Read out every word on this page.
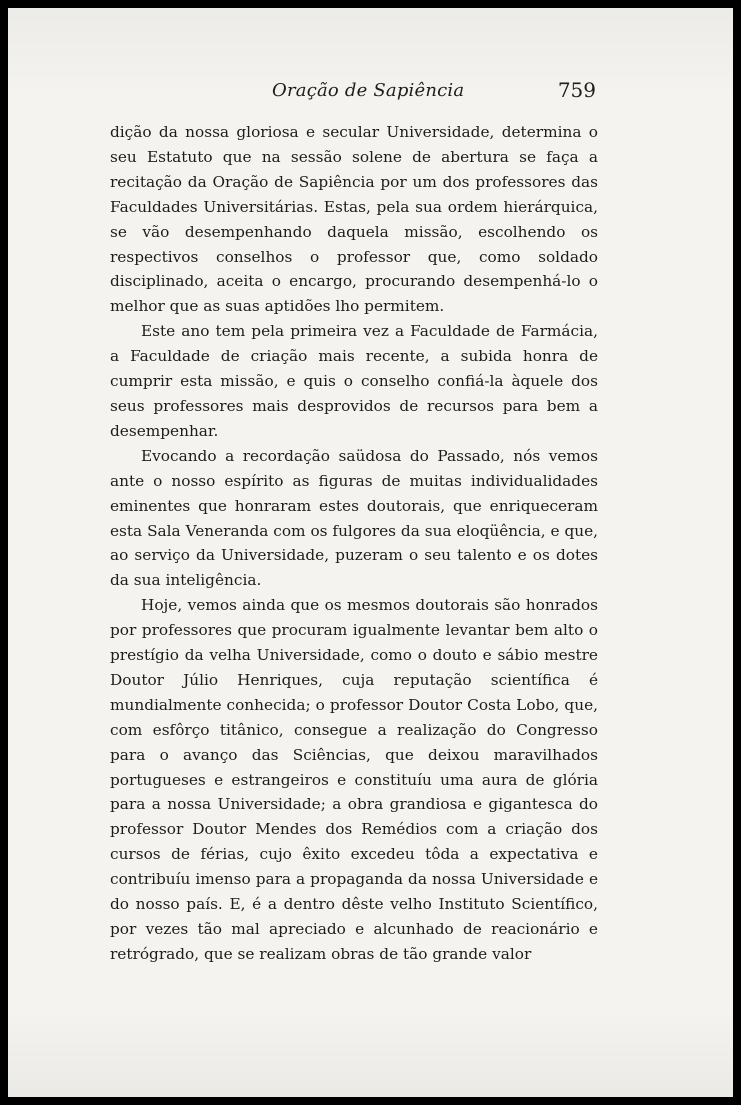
Oração de Sapiência	759

dição da nossa gloriosa e secular Universidade, determina o seu Estatuto que na sessão solene de abertura se faça a recitação da Oração de Sapiência por um dos professores das Faculdades Universitárias. Estas, pela sua ordem hierárquica, se vão desempenhando daquela missão, escolhendo os respectivos conselhos o professor que, como soldado disciplinado, aceita o encargo, procurando desempenhá-lo o melhor que as suas aptidões lho permitem.

Este ano tem pela primeira vez a Faculdade de Farmácia, a Faculdade de criação mais recente, a subida honra de cumprir esta missão, e quis o conselho confiá-la àquele dos seus professores mais desprovidos de recursos para bem a desempenhar.

Evocando a recordação saüdosa do Passado, nós vemos ante o nosso espírito as figuras de muitas individualidades eminentes que honraram estes doutorais, que enriqueceram esta Sala Veneranda com os fulgores da sua eloqüência, e que, ao serviço da Universidade, puzeram o seu talento e os dotes da sua inteligência.

Hoje, vemos ainda que os mesmos doutorais são honrados por professores que procuram igualmente levantar bem alto o prestígio da velha Universidade, como o douto e sábio mestre Doutor Júlio Henriques, cuja reputação scientífica é mundialmente conhecida; o professor Doutor Costa Lobo, que, com esfôrço titânico, consegue a realização do Congresso para o avanço das Sciências, que deixou maravilhados portugueses e estrangeiros e constituíu uma aura de glória para a nossa Universidade; a obra grandiosa e gigantesca do professor Doutor Mendes dos Remédios com a criação dos cursos de férias, cujo êxito excedeu tôda a expectativa e contribuíu imenso para a propaganda da nossa Universidade e do nosso país. E, é a dentro dêste velho Instituto Scientífico, por vezes tão mal apreciado e alcunhado de reacionário e retrógrado, que se realizam obras de tão grande valor
